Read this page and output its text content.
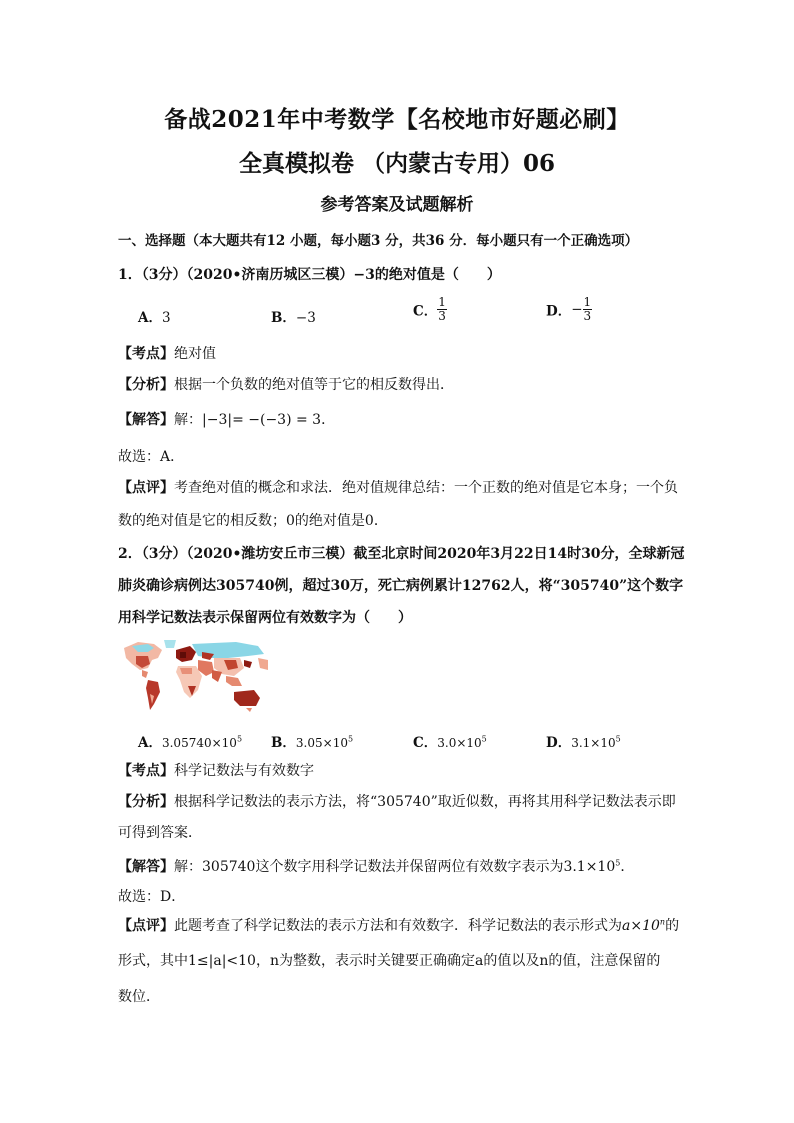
备战2021年中考数学【名校地市好题必刷】
全真模拟卷 （内蒙古专用）06
参考答案及试题解析
一、选择题（本大题共有12 小题，每小题3 分，共36 分．每小题只有一个正确选项）
1．（3分）（2020•济南历城区三模）−3的绝对值是（　　）
A．3	B．−3	C． $\frac{1}{3}$	D．− $\frac{1}{3}$
【考点】绝对值
【分析】根据一个负数的绝对值等于它的相反数得出．
【解答】解：|−3|= −(−3) = 3．
故选：A．
【点评】考查绝对值的概念和求法．绝对值规律总结：一个正数的绝对值是它本身；一个负
数的绝对值是它的相反数；0的绝对值是0．
2．（3分）（2020•潍坊安丘市三模）截至北京时间2020年3月22日14时30分，全球新冠
肺炎确诊病例达305740例，超过30万，死亡病例累计12762人，将“305740”这个数字
用科学记数法表示保留两位有效数字为（　　）
A．$3.05740\times 10^5$ B．$3.05\times 10^5$	C．$3.0\times 10^5$	D．$3.1\times 10^5$
【考点】科学记数法与有效数字
【分析】根据科学记数法的表示方法，将“305740”取近似数，再将其用科学记数法表示即
可得到答案．
【解答】解：305740这个数字用科学记数法并保留两位有效数字表示为$3.1\times 10^5$．
故选：D．
【点评】此题考查了科学记数法的表示方法和有效数字．科学记数法的表示形式为$a\times 10^n$的
形式，其中1≤|a|<10，n为整数，表示时关键要正确确定a的值以及n的值，注意保留的
数位．
